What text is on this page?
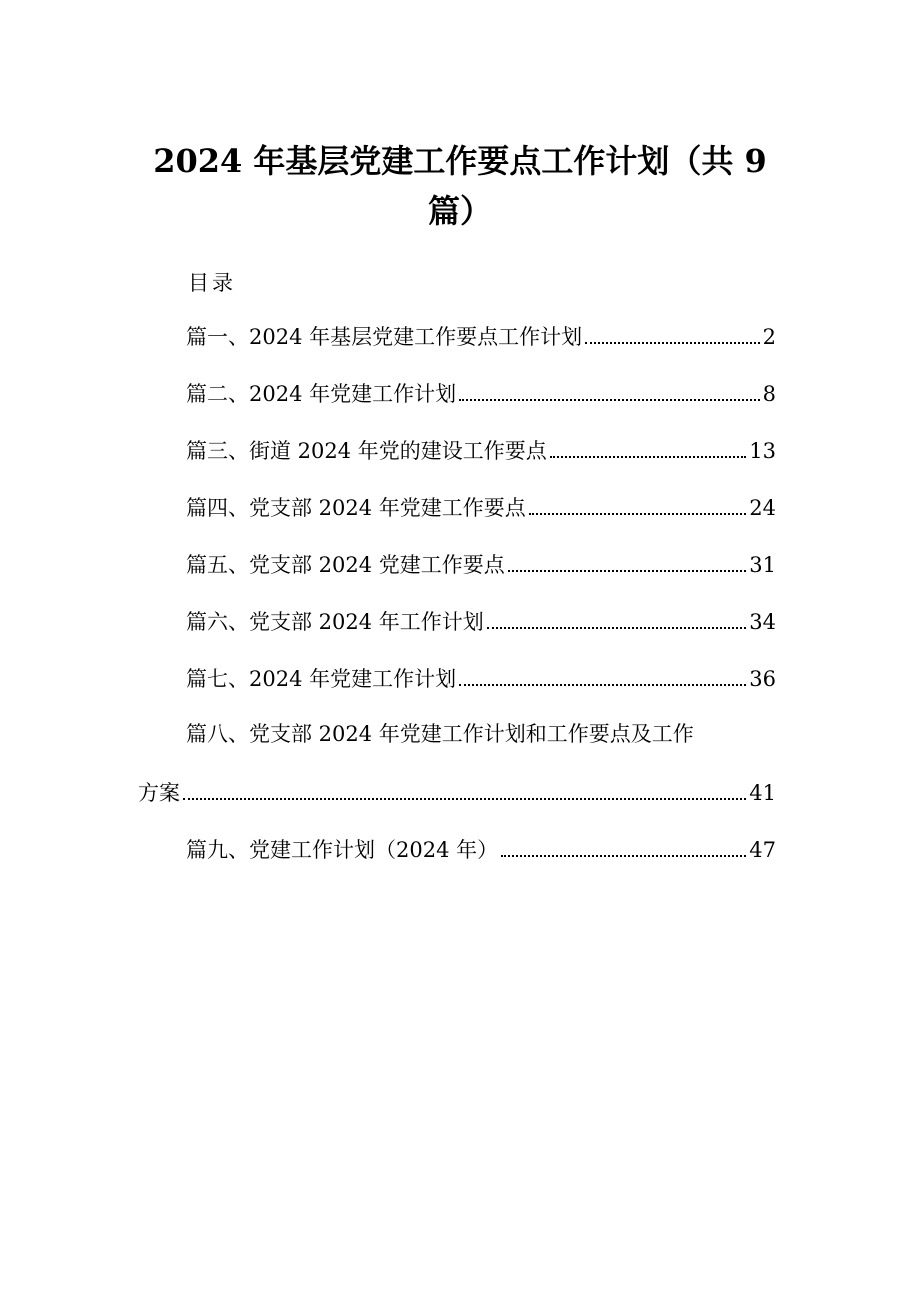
2024 年基层党建工作要点工作计划（共 9
篇）
目录
篇一、2024 年基层党建工作要点工作计划	2
篇二、2024 年党建工作计划	8
篇三、街道 2024 年党的建设工作要点	13
篇四、党支部 2024 年党建工作要点	24
篇五、党支部 2024 党建工作要点	31
篇六、党支部 2024 年工作计划	34
篇七、2024 年党建工作计划	36
篇八、党支部 2024 年党建工作计划和工作要点及工作
方案	41
篇九、党建工作计划（2024 年）	47
